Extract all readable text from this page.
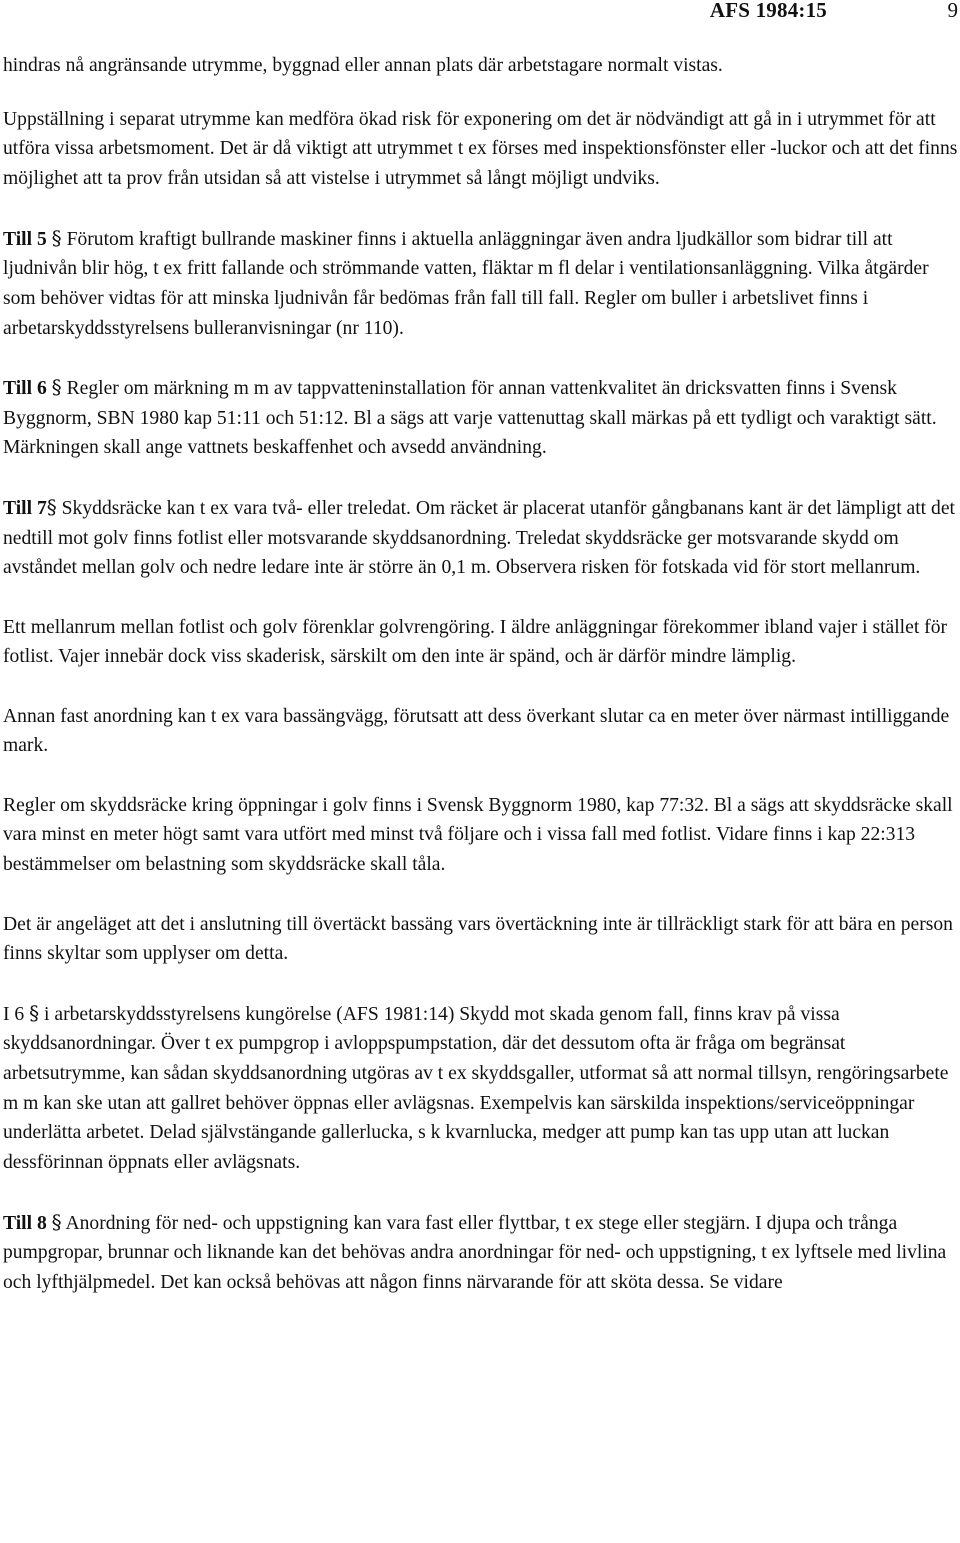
AFS 1984:15	9

hindras nå angränsande utrymme, byggnad eller annan plats där arbetstagare normalt vistas.

Uppställning i separat utrymme kan medföra ökad risk för exponering om det är nödvändigt att gå in i utrymmet för att utföra vissa arbetsmoment. Det är då viktigt att utrymmet t ex förses med inspektionsfönster eller -luckor och att det finns möjlighet att ta prov från utsidan så att vistelse i utrymmet så långt möjligt undviks.

Till 5 § Förutom kraftigt bullrande maskiner finns i aktuella anläggningar även andra ljudkällor som bidrar till att ljudnivån blir hög, t ex fritt fallande och strömmande vatten, fläktar m fl delar i ventilationsanläggning. Vilka åtgärder som behöver vidtas för att minska ljudnivån får bedömas från fall till fall. Regler om buller i arbetslivet finns i arbetarskyddsstyrelsens bulleranvisningar (nr 110).

Till 6 § Regler om märkning m m av tappvatteninstallation för annan vattenkvalitet än dricksvatten finns i Svensk Byggnorm, SBN 1980 kap 51:11 och 51:12. Bl a sägs att varje vattenuttag skall märkas på ett tydligt och varaktigt sätt. Märkningen skall ange vattnets beskaffenhet och avsedd användning.

Till 7§ Skyddsräcke kan t ex vara två- eller treledat. Om räcket är placerat utanför gångbanans kant är det lämpligt att det nedtill mot golv finns fotlist eller motsvarande skyddsanordning. Treledat skyddsräcke ger motsvarande skydd om avståndet mellan golv och nedre ledare inte är större än 0,1 m. Observera risken för fotskada vid för stort mellanrum.

Ett mellanrum mellan fotlist och golv förenklar golvrengöring. I äldre anläggningar förekommer ibland vajer i stället för fotlist. Vajer innebär dock viss skaderisk, särskilt om den inte är spänd, och är därför mindre lämplig.

Annan fast anordning kan t ex vara bassängvägg, förutsatt att dess överkant slutar ca en meter över närmast intilliggande mark.

Regler om skyddsräcke kring öppningar i golv finns i Svensk Byggnorm 1980, kap 77:32. Bl a sägs att skyddsräcke skall vara minst en meter högt samt vara utfört med minst två följare och i vissa fall med fotlist. Vidare finns i kap 22:313 bestämmelser om belastning som skyddsräcke skall tåla.

Det är angeläget att det i anslutning till övertäckt bassäng vars övertäckning inte är tillräckligt stark för att bära en person finns skyltar som upplyser om detta.

I 6 § i arbetarskyddsstyrelsens kungörelse (AFS 1981:14) Skydd mot skada genom fall, finns krav på vissa skyddsanordningar. Över t ex pumpgrop i avloppspumpstation, där det dessutom ofta är fråga om begränsat arbetsutrymme, kan sådan skyddsanordning utgöras av t ex skyddsgaller, utformat så att normal tillsyn, rengöringsarbete m m kan ske utan att gallret behöver öppnas eller avlägsnas. Exempelvis kan särskilda inspektions/serviceöppningar underlätta arbetet. Delad självstängande gallerlucka, s k kvarnlucka, medger att pump kan tas upp utan att luckan dessförinnan öppnats eller avlägsnats.

Till 8 § Anordning för ned- och uppstigning kan vara fast eller flyttbar, t ex stege eller stegjärn. I djupa och trånga pumpgropar, brunnar och liknande kan det behövas andra anordningar för ned- och uppstigning, t ex lyftsele med livlina och lyfthjälpmedel. Det kan också behövas att någon finns närvarande för att sköta dessa. Se vidare
